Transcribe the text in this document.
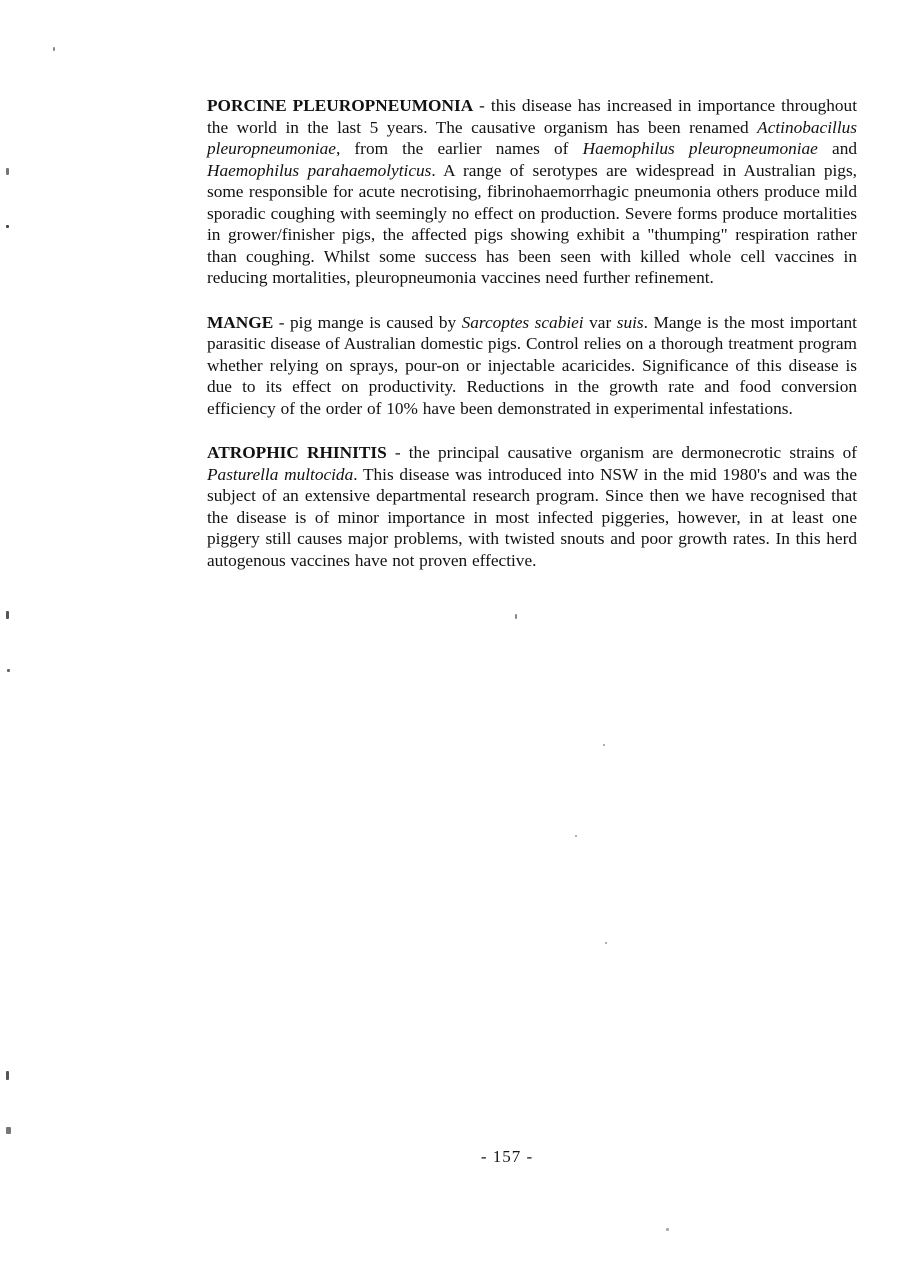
PORCINE PLEUROPNEUMONIA - this disease has increased in importance throughout the world in the last 5 years. The causative organism has been renamed Actinobacillus pleuropneumoniae, from the earlier names of Haemophilus pleuropneumoniae and Haemophilus parahaemolyticus. A range of serotypes are widespread in Australian pigs, some responsible for acute necrotising, fibrinohaemorrhagic pneumonia others produce mild sporadic coughing with seemingly no effect on production. Severe forms produce mortalities in grower/finisher pigs, the affected pigs showing exhibit a "thumping" respiration rather than coughing. Whilst some success has been seen with killed whole cell vaccines in reducing mortalities, pleuropneumonia vaccines need further refinement.

MANGE - pig mange is caused by Sarcoptes scabiei var suis. Mange is the most important parasitic disease of Australian domestic pigs. Control relies on a thorough treatment program whether relying on sprays, pour-on or injectable acaricides. Significance of this disease is due to its effect on productivity. Reductions in the growth rate and food conversion efficiency of the order of 10% have been demonstrated in experimental infestations.

ATROPHIC RHINITIS - the principal causative organism are dermonecrotic strains of Pasturella multocida. This disease was introduced into NSW in the mid 1980's and was the subject of an extensive departmental research program. Since then we have recognised that the disease is of minor importance in most infected piggeries, however, in at least one piggery still causes major problems, with twisted snouts and poor growth rates. In this herd autogenous vaccines have not proven effective.

- 157 -
